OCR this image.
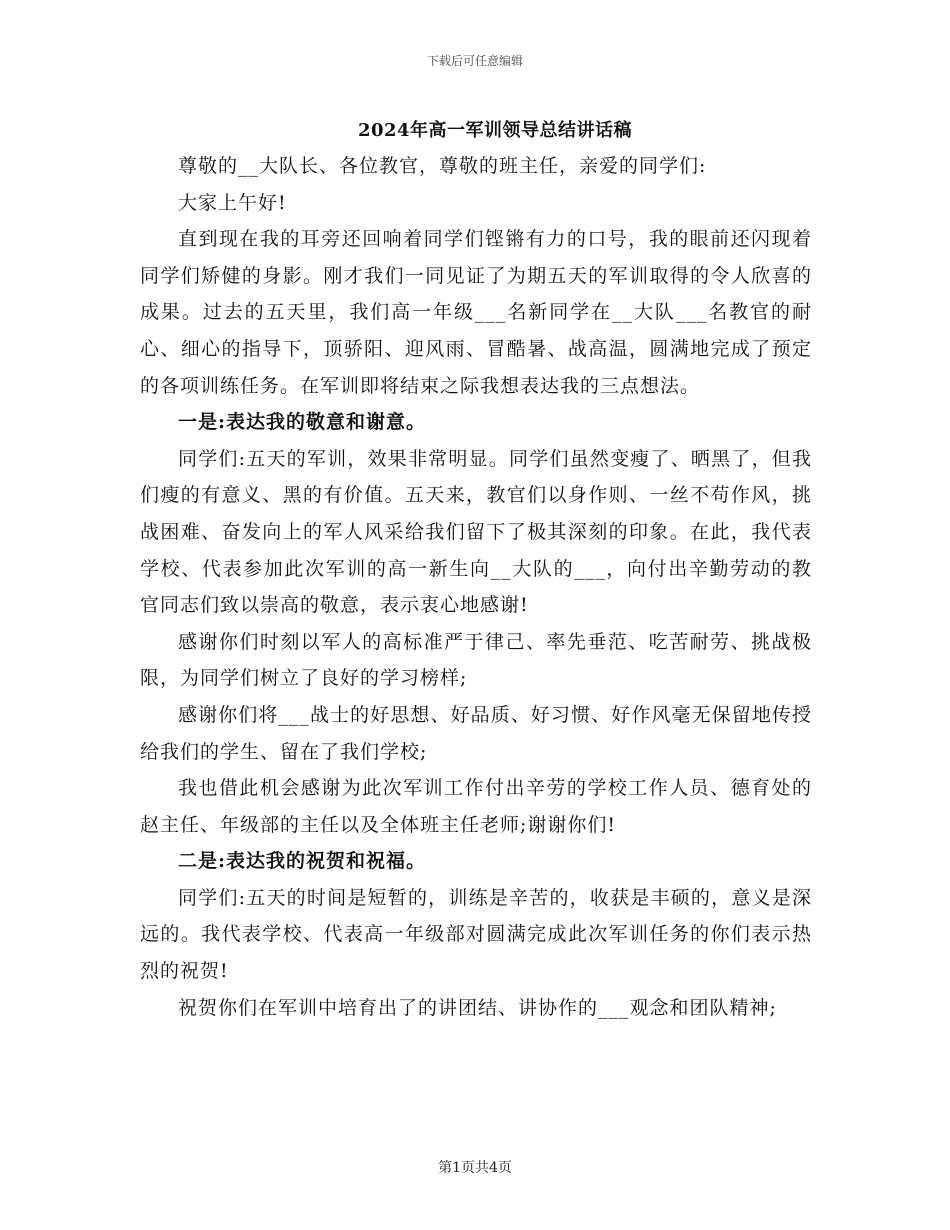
下载后可任意编辑
2024年高一军训领导总结讲话稿

尊敬的__大队长、各位教官，尊敬的班主任，亲爱的同学们:

大家上午好!

直到现在我的耳旁还回响着同学们铿锵有力的口号，我的眼前还闪现着同学们矫健的身影。刚才我们一同见证了为期五天的军训取得的令人欣喜的成果。过去的五天里，我们高一年级___名新同学在__大队___名教官的耐心、细心的指导下，顶骄阳、迎风雨、冒酷暑、战高温，圆满地完成了预定的各项训练任务。在军训即将结束之际我想表达我的三点想法。

一是:表达我的敬意和谢意。

同学们:五天的军训，效果非常明显。同学们虽然变瘦了、晒黑了，但我们瘦的有意义、黑的有价值。五天来，教官们以身作则、一丝不苟作风，挑战困难、奋发向上的军人风采给我们留下了极其深刻的印象。在此，我代表学校、代表参加此次军训的高一新生向__大队的___，向付出辛勤劳动的教官同志们致以崇高的敬意，表示衷心地感谢!

感谢你们时刻以军人的高标准严于律己、率先垂范、吃苦耐劳、挑战极限，为同学们树立了良好的学习榜样;

感谢你们将___战士的好思想、好品质、好习惯、好作风毫无保留地传授给我们的学生、留在了我们学校;

我也借此机会感谢为此次军训工作付出辛劳的学校工作人员、德育处的赵主任、年级部的主任以及全体班主任老师;谢谢你们!

二是:表达我的祝贺和祝福。

同学们:五天的时间是短暂的，训练是辛苦的，收获是丰硕的，意义是深远的。我代表学校、代表高一年级部对圆满完成此次军训任务的你们表示热烈的祝贺!

祝贺你们在军训中培育出了的讲团结、讲协作的___观念和团队精神;

第1页共4页
